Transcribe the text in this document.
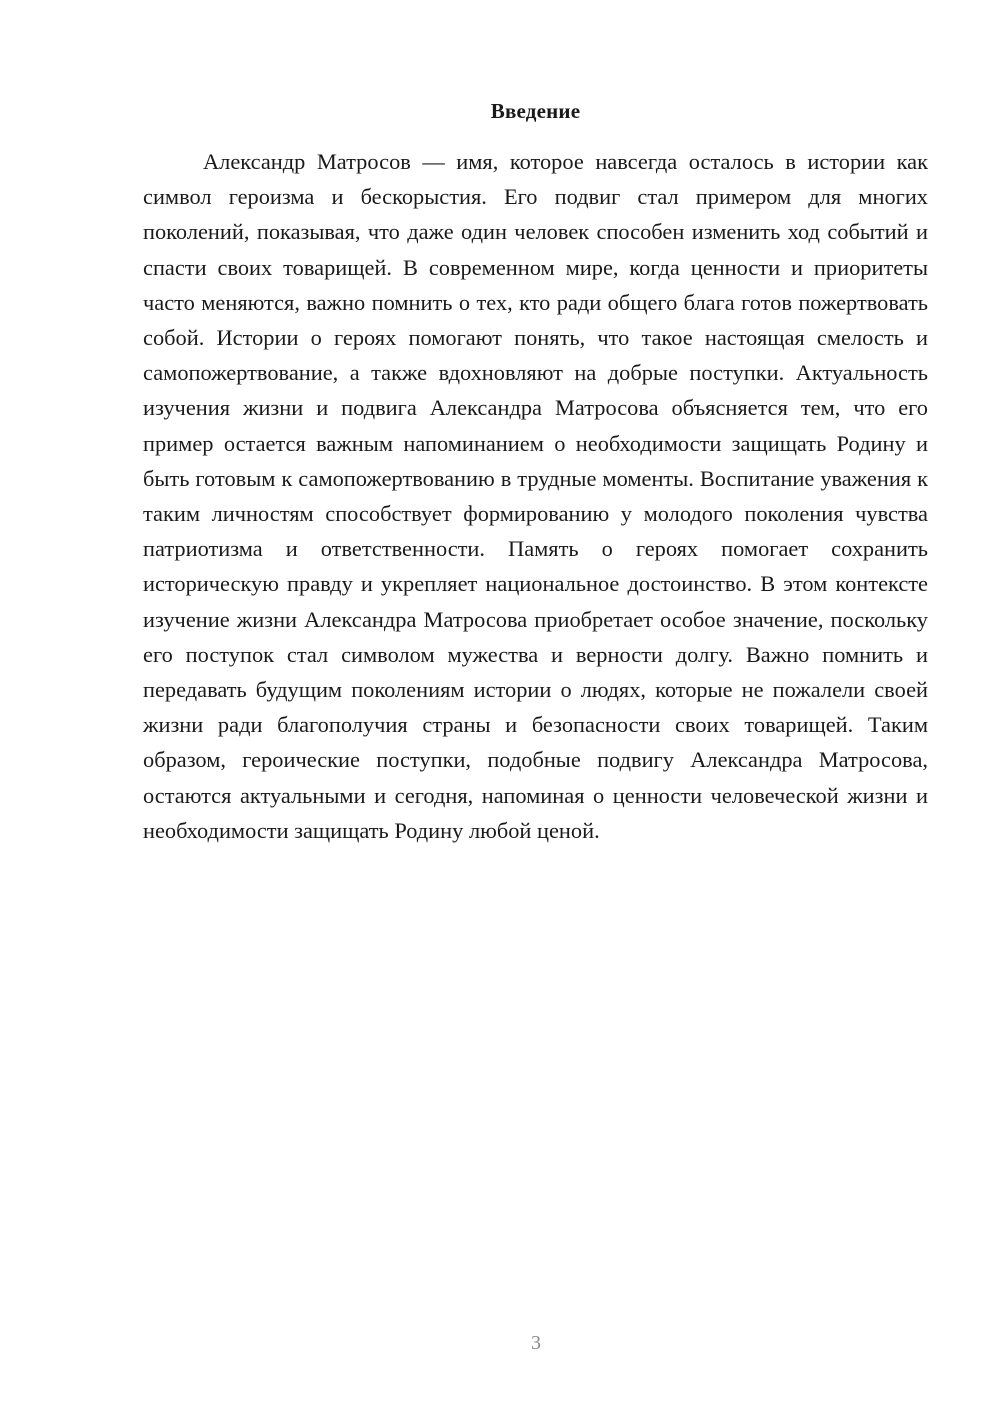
Введение

Александр Матросов — имя, которое навсегда осталось в истории как символ героизма и бескорыстия. Его подвиг стал примером для многих поколений, показывая, что даже один человек способен изменить ход событий и спасти своих товарищей. В современном мире, когда ценности и приоритеты часто меняются, важно помнить о тех, кто ради общего блага готов пожертвовать собой. Истории о героях помогают понять, что такое настоящая смелость и самопожертвование, а также вдохновляют на добрые поступки. Актуальность изучения жизни и подвига Александра Матросова объясняется тем, что его пример остается важным напоминанием о необходимости защищать Родину и быть готовым к самопожертвованию в трудные моменты. Воспитание уважения к таким личностям способствует формированию у молодого поколения чувства патриотизма и ответственности. Память о героях помогает сохранить историческую правду и укрепляет национальное достоинство. В этом контексте изучение жизни Александра Матросова приобретает особое значение, поскольку его поступок стал символом мужества и верности долгу. Важно помнить и передавать будущим поколениям истории о людях, которые не пожалели своей жизни ради благополучия страны и безопасности своих товарищей. Таким образом, героические поступки, подобные подвигу Александра Матросова, остаются актуальными и сегодня, напоминая о ценности человеческой жизни и необходимости защищать Родину любой ценой.

3
